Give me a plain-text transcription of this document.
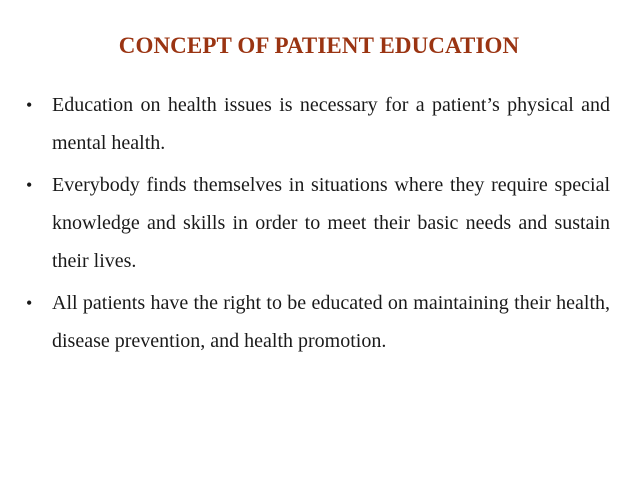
CONCEPT OF PATIENT EDUCATION
• Education on health issues is necessary for a patient’s physical and mental health.
• Everybody finds themselves in situations where they require special knowledge and skills in order to meet their basic needs and sustain their lives.
• All patients have the right to be educated on maintaining their health, disease prevention, and health promotion.
